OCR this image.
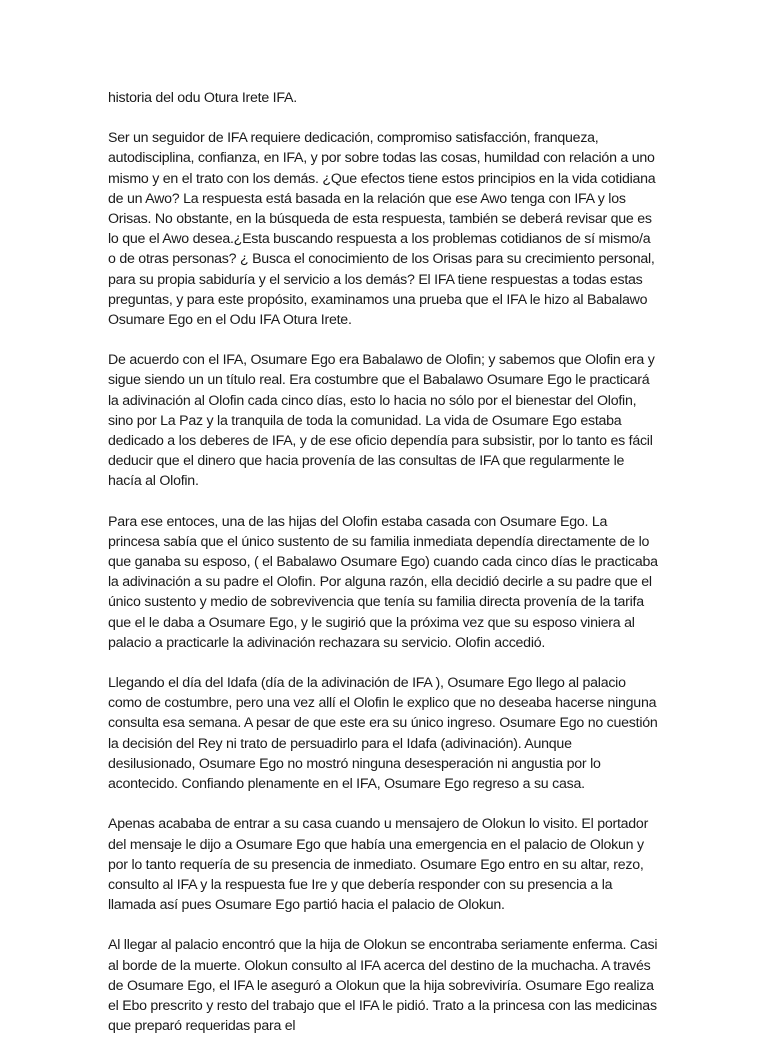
historia del odu Otura Irete IFA.

Ser un seguidor de IFA requiere dedicación, compromiso satisfacción, franqueza, autodisciplina, confianza, en IFA, y por sobre todas las cosas, humildad con relación a uno mismo y en el trato con los demás. ¿Que efectos tiene estos principios en la vida cotidiana de un Awo? La respuesta está basada en la relación que ese Awo tenga con IFA y los Orisas. No obstante, en la búsqueda de esta respuesta, también se deberá revisar que es lo que el Awo desea.¿Esta buscando respuesta a los problemas cotidianos de sí mismo/a o de otras personas? ¿ Busca el conocimiento de los Orisas para su crecimiento personal, para su propia sabiduría y el servicio a los demás? El IFA tiene respuestas a todas estas preguntas, y para este propósito, examinamos una prueba que el IFA le hizo al Babalawo Osumare Ego en el Odu IFA Otura Irete.

De acuerdo con el IFA, Osumare Ego era Babalawo de Olofin; y sabemos que Olofin era y sigue siendo un un título real. Era costumbre que el Babalawo Osumare Ego le practicará la adivinación al Olofin cada cinco días, esto lo hacia no sólo por el bienestar del Olofin, sino por La Paz y la tranquila de toda la comunidad. La vida de Osumare Ego estaba dedicado a los deberes de IFA, y de ese oficio dependía para subsistir, por lo tanto es fácil deducir que el dinero que hacia provenía de las consultas de IFA que regularmente le hacía al Olofin.

Para ese entoces, una de las hijas del Olofin estaba casada con Osumare Ego. La princesa sabía que el único sustento de su familia inmediata dependía directamente de lo que ganaba su esposo, ( el Babalawo Osumare Ego) cuando cada cinco días le practicaba la adivinación a su padre el Olofin. Por alguna razón, ella decidió decirle a su padre que el único sustento y medio de sobrevivencia que tenía su familia directa provenía de la tarifa que el le daba a Osumare Ego, y le sugirió que la próxima vez que su esposo viniera al palacio a practicarle la adivinación rechazara su servicio. Olofin accedió.

Llegando el día del Idafa (día de la adivinación de IFA ), Osumare Ego llego al palacio como de costumbre, pero una vez allí el Olofin le explico que no deseaba hacerse ninguna consulta esa semana. A pesar de que este era su único ingreso. Osumare Ego no cuestión la decisión del Rey ni trato de persuadirlo para el Idafa (adivinación). Aunque desilusionado, Osumare Ego no mostró ninguna desesperación ni angustia por lo acontecido. Confiando plenamente en el IFA, Osumare Ego regreso a su casa.

Apenas acababa de entrar a su casa cuando u mensajero de Olokun lo visito. El portador del mensaje le dijo a Osumare Ego que había una emergencia en el palacio de Olokun y por lo tanto requería de su presencia de inmediato. Osumare Ego entro en su altar, rezo, consulto al IFA y la respuesta fue Ire y que debería responder con su presencia a la llamada así pues Osumare Ego partió hacia el palacio de Olokun.

Al llegar al palacio encontró que la hija de Olokun se encontraba seriamente enferma. Casi al borde de la muerte. Olokun consulto al IFA acerca del destino de la muchacha. A través de Osumare Ego, el IFA le aseguró a Olokun que la hija sobreviviría. Osumare Ego realiza el Ebo prescrito y resto del trabajo que el IFA le pidió. Trato a la princesa con las medicinas que preparó requeridas para el
